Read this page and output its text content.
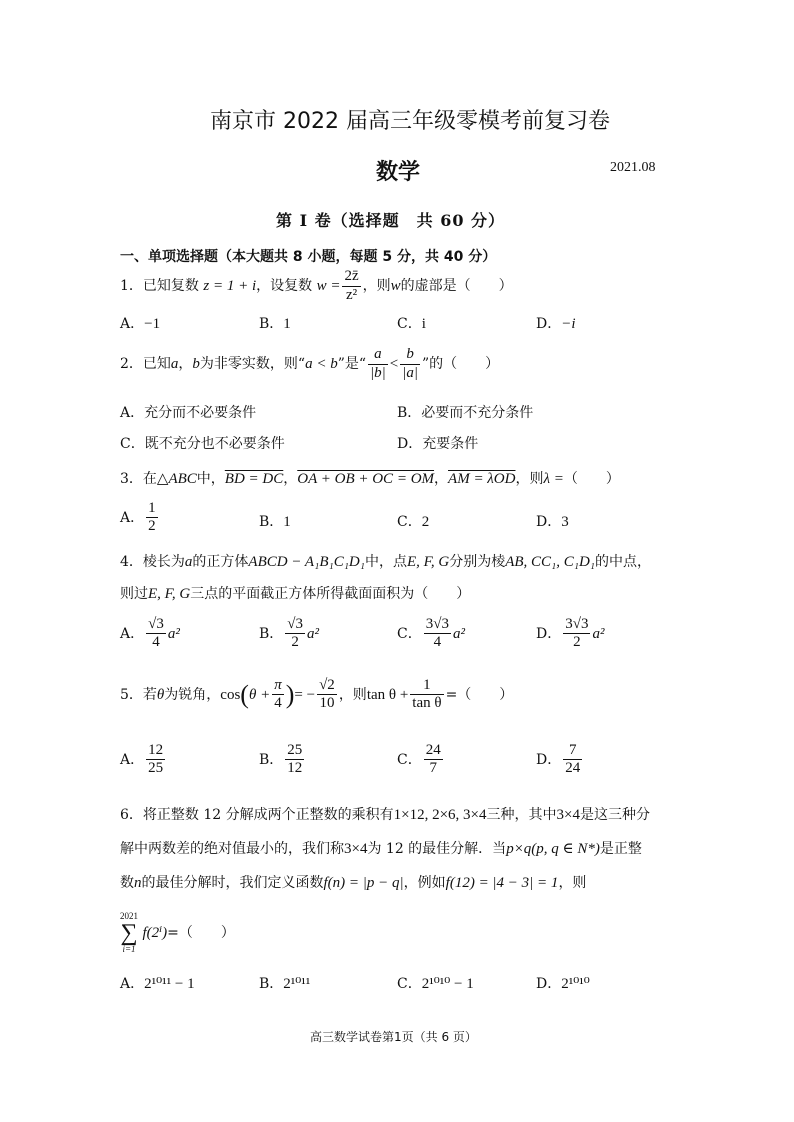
南京市 2022 届高三年级零模考前复习卷
数学	2021.08
第 Ⅰ 卷（选择题　共 60 分）
一、单项选择题（本大题共 8 小题，每题 5 分，共 40 分）
1．已知复数 z = 1 + i，设复数 $w = \frac{2z̄}{\text{z²}}$ ，则w的虚部是（　　）
A．−1	B．1	C．i	D．−i
2．已知a，b为非零实数，则“a < b”是“ $\frac{a}{|b|} < \frac{b}{|a|}$ ”的（　　）
A．充分而不必要条件	B．必要而不充分条件
C．既不充分也不必要条件	D．充要条件
3．在△ABC中，BD = DC，OA + OB + OC = OM，AM = λOD，则λ =（　　）
A． $\frac{1}{2}$	B．1	C．2	D．3
4．棱长为a的正方体ABCD − A₁B₁C₁D₁中，点E, F, G分别为棱AB, CC₁, C₁D₁的中点，
则过E, F, G三点的平面截正方体所得截面面积为（　　）
A． $\frac{√3}{4} a^2$	B． $\frac{√3}{2} a^2$	C． $\frac{3√3}{4} a^2$	D． $\frac{3√3}{2} a^2$
5．若θ为锐角，$\cos(\theta + \frac{\pi}{4}$ )= − $\frac{√2}{10}$ ，则$\tan \theta + \frac{1}{\text{tan θ}}$ =（　　）
A． $\frac{12}{25}$	B． $\frac{25}{12}$	C． $\frac{24}{7}$	D． $\frac{7}{24}$
6．将正整数 12 分解成两个正整数的乘积有1×12, 2×6, 3×4三种，其中3×4是这三种分
解中两数差的绝对值最小的，我们称3×4为 12 的最佳分解．当p×q(p, q ∈ N*)是正整
数n的最佳分解时，我们定义函数f(n) = |p − q|，例如f(12) = |4 − 3| = 1，则
2021
∑
i=1
f(2ⁱ)=（　　）
A．2¹⁰¹¹ − 1	B．2¹⁰¹¹	C．2¹⁰¹⁰ − 1	D．2¹⁰¹⁰
高三数学试卷第1页（共 6 页）
